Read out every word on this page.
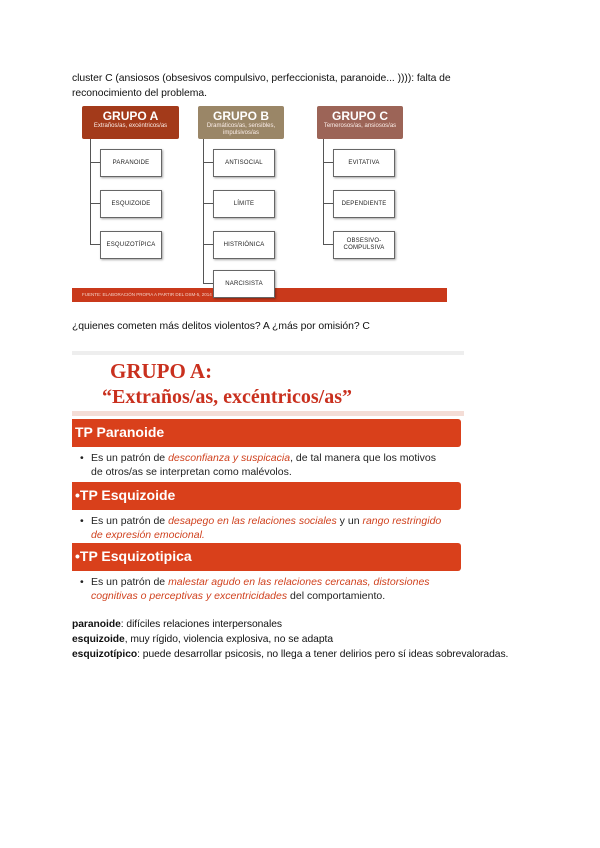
cluster C (ansiosos (obsesivos compulsivo, perfeccionista, paranoide... )))): falta de reconocimiento del problema.
GRUPO A
Extraños/as, excéntricos/as
GRUPO B
Dramáticos/as, sensibles, impulsivos/as
GRUPO C
Temerosos/as, ansiosos/as
FUENTE: ELABORACIÓN PROPIA A PARTIR DEL DSM-5, 2014
PARANOIDE
ESQUIZOIDE
ESQUIZOTÍPICA
ANTISOCIAL
LÍMITE
HISTRIÓNICA
NARCISISTA
EVITATIVA
DEPENDIENTE
OBSESIVO-COMPULSIVA
¿quienes cometen más delitos violentos? A ¿más por omisión? C
GRUPO A:
“Extraños/as, excéntricos/as”
TP Paranoide
• Es un patrón de desconfianza y suspicacia, de tal manera que los motivos de otros/as se interpretan como malévolos.
•TP Esquizoide
• Es un patrón de desapego en las relaciones sociales y un rango restringido de expresión emocional.
•TP Esquizotipica
• Es un patrón de malestar agudo en las relaciones cercanas, distorsiones cognitivas o perceptivas y excentricidades del comportamiento.
paranoide: difíciles relaciones interpersonales
esquizoide, muy rígido, violencia explosiva, no se adapta
esquizotípico: puede desarrollar psicosis, no llega a tener delirios pero sí ideas sobrevaloradas.
